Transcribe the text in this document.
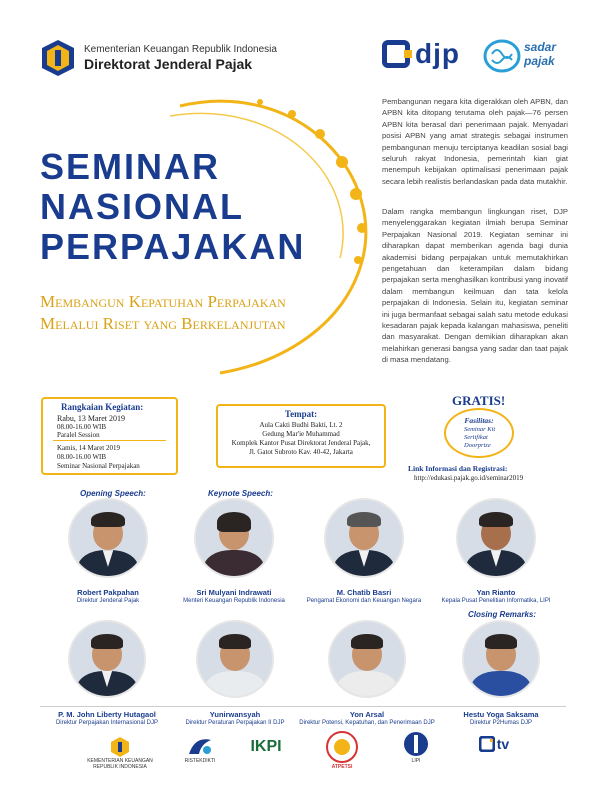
Kementerian Keuangan Republik Indonesia
Direktorat Jenderal Pajak	djp	sadar
pajak
SEMINAR
NASIONAL
PERPAJAKAN
Membangun Kepatuhan Perpajakan
Melalui Riset yang Berkelanjutan
Pembangunan negara kita digerakkan oleh APBN, dan APBN kita ditopang terutama oleh pajak—76 persen APBN kita berasal dari penerimaan pajak. Menyadari posisi APBN yang amat strategis sebagai instrumen pembangunan menuju terciptanya keadilan sosial bagi seluruh rakyat Indonesia, pemerintah kian giat menempuh kebijakan optimalisasi penerimaan pajak secara lebih realistis berlandaskan pada data mutakhir.
Dalam rangka membangun lingkungan riset, DJP menyelenggarakan kegiatan ilmiah berupa Seminar Perpajakan Nasional 2019. Kegiatan seminar ini diharapkan dapat memberikan agenda bagi dunia akademisi bidang perpajakan untuk memutakhirkan pengetahuan dan keterampilan dalam bidang perpajakan serta menghasilkan kontribusi yang inovatif dalam membangun keilmuan dan tata kelola perpajakan di Indonesia. Selain itu, kegiatan seminar ini juga bermanfaat sebagai salah satu metode edukasi kesadaran pajak kepada kalangan mahasiswa, peneliti dan masyarakat. Dengan demikian diharapkan akan melahirkan generasi bangsa yang sadar dan taat pajak di masa mendatang.
Rangkaian Kegiatan:
Rabu, 13 Maret 2019
08.00-16.00 WIB
Paralel Session
Kamis, 14 Maret 2019
08.00-16.00 WIB
Seminar Nasional Perpajakan
Tempat:
Aula Cakti Budhi Bakti, Lt. 2
Gedung Mar'ie Muhammad
Komplek Kantor Pusat Direktorat Jenderal Pajak,
Jl. Gatot Subroto Kav. 40-42, Jakarta
GRATIS!
Fasilitas:
Seminar Kit
Sertifikat
Doorprize
Link Informasi dan Registrasi:
http://edukasi.pajak.go.id/seminar2019
Opening Speech:	Keynote Speech:
Closing Remarks:
Robert Pakpahan
Direktur Jenderal Pajak
Sri Mulyani Indrawati
Menteri Keuangan Republik Indonesia
M. Chatib Basri
Pengamat Ekonomi dan Keuangan Negara
Yan Rianto
Kepala Pusat Penelitian Informatika, LIPI
P. M. John Liberty Hutagaol
Direktur Perpajakan Internasional DJP
Yunirwansyah
Direktur Peraturan Perpajakan II DJP
Yon Arsal
Direktur Potensi, Kepatuhan, dan Penerimaan DJP
Hestu Yoga Saksama
Direktur P2Humas DJP
KEMENTERIAN KEUANGAN
REPUBLIK INDONESIA
RISTEKDIKTI
IKPI
ATPETSI
LIPI
tv
